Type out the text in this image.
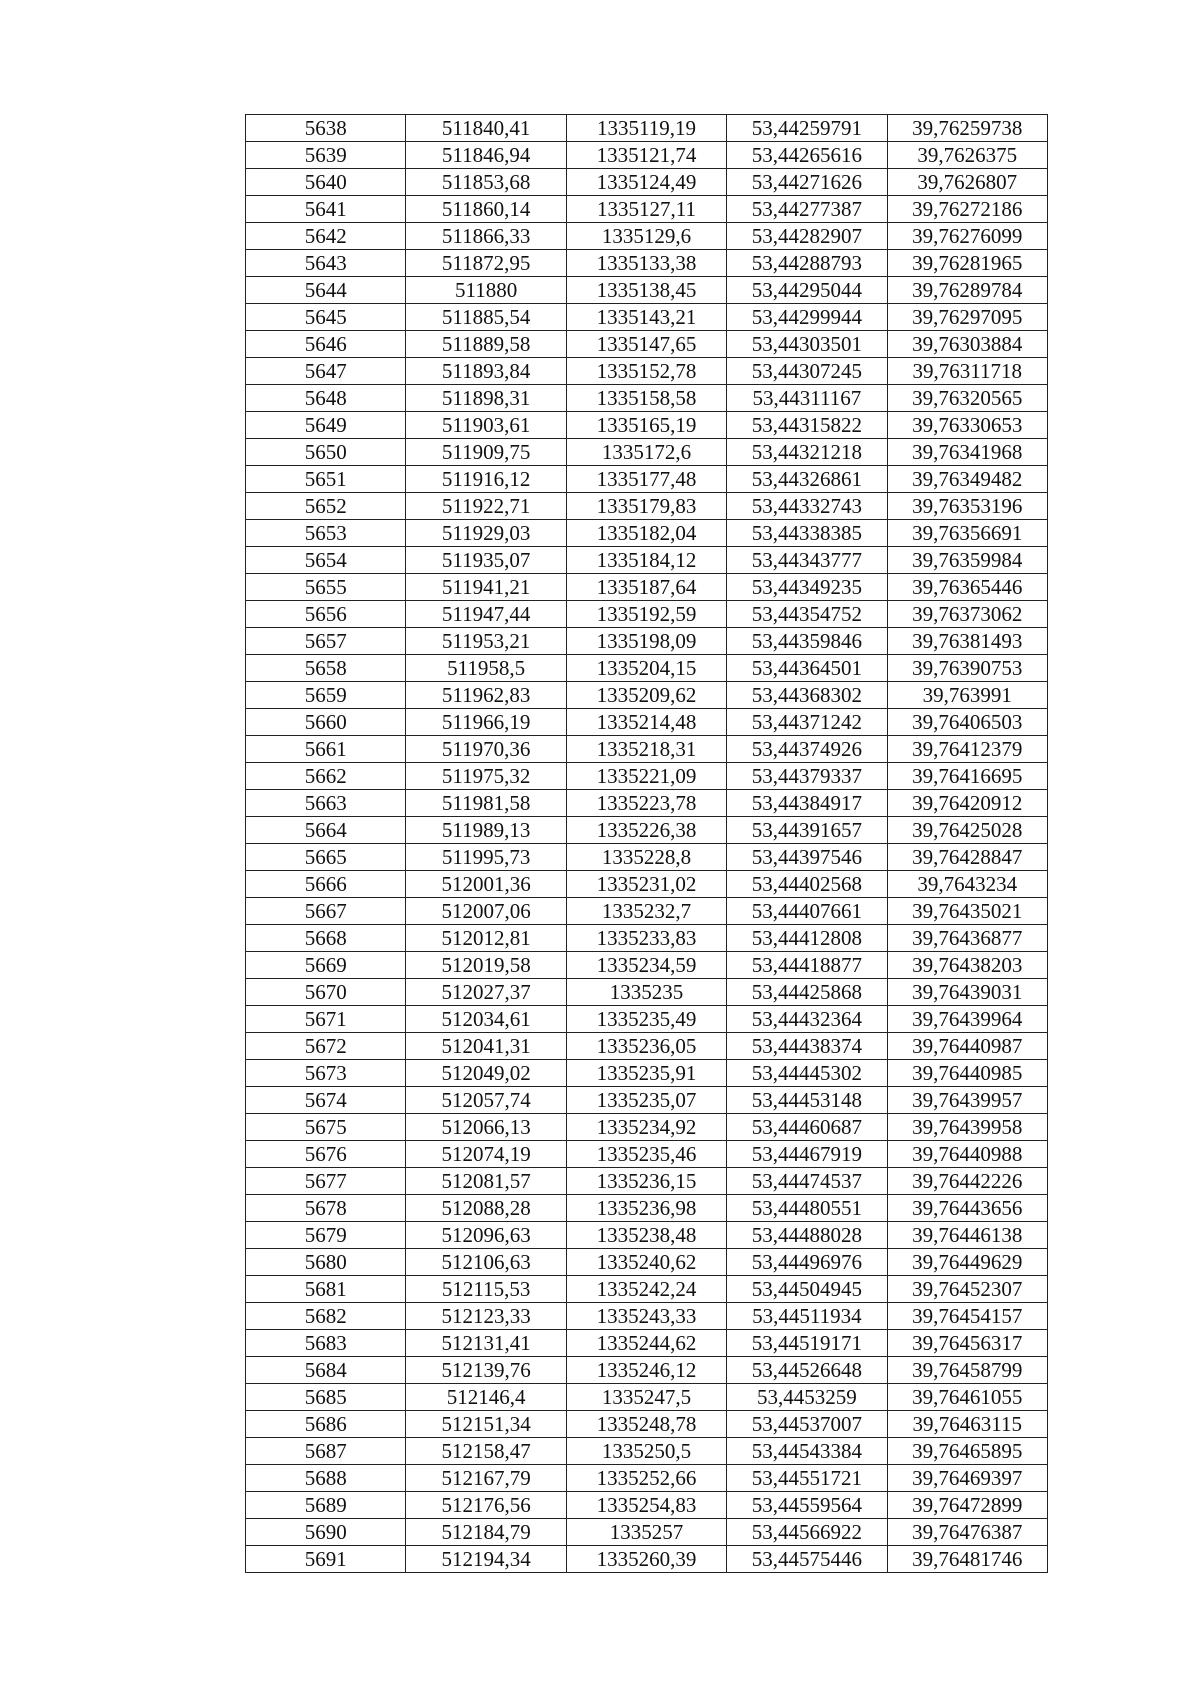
5638	511840,41	1335119,19	53,44259791	39,76259738
5639	511846,94	1335121,74	53,44265616	39,7626375
5640	511853,68	1335124,49	53,44271626	39,7626807
5641	511860,14	1335127,11	53,44277387	39,76272186
5642	511866,33	1335129,6	53,44282907	39,76276099
5643	511872,95	1335133,38	53,44288793	39,76281965
5644	511880	1335138,45	53,44295044	39,76289784
5645	511885,54	1335143,21	53,44299944	39,76297095
5646	511889,58	1335147,65	53,44303501	39,76303884
5647	511893,84	1335152,78	53,44307245	39,76311718
5648	511898,31	1335158,58	53,44311167	39,76320565
5649	511903,61	1335165,19	53,44315822	39,76330653
5650	511909,75	1335172,6	53,44321218	39,76341968
5651	511916,12	1335177,48	53,44326861	39,76349482
5652	511922,71	1335179,83	53,44332743	39,76353196
5653	511929,03	1335182,04	53,44338385	39,76356691
5654	511935,07	1335184,12	53,44343777	39,76359984
5655	511941,21	1335187,64	53,44349235	39,76365446
5656	511947,44	1335192,59	53,44354752	39,76373062
5657	511953,21	1335198,09	53,44359846	39,76381493
5658	511958,5	1335204,15	53,44364501	39,76390753
5659	511962,83	1335209,62	53,44368302	39,763991
5660	511966,19	1335214,48	53,44371242	39,76406503
5661	511970,36	1335218,31	53,44374926	39,76412379
5662	511975,32	1335221,09	53,44379337	39,76416695
5663	511981,58	1335223,78	53,44384917	39,76420912
5664	511989,13	1335226,38	53,44391657	39,76425028
5665	511995,73	1335228,8	53,44397546	39,76428847
5666	512001,36	1335231,02	53,44402568	39,7643234
5667	512007,06	1335232,7	53,44407661	39,76435021
5668	512012,81	1335233,83	53,44412808	39,76436877
5669	512019,58	1335234,59	53,44418877	39,76438203
5670	512027,37	1335235	53,44425868	39,76439031
5671	512034,61	1335235,49	53,44432364	39,76439964
5672	512041,31	1335236,05	53,44438374	39,76440987
5673	512049,02	1335235,91	53,44445302	39,76440985
5674	512057,74	1335235,07	53,44453148	39,76439957
5675	512066,13	1335234,92	53,44460687	39,76439958
5676	512074,19	1335235,46	53,44467919	39,76440988
5677	512081,57	1335236,15	53,44474537	39,76442226
5678	512088,28	1335236,98	53,44480551	39,76443656
5679	512096,63	1335238,48	53,44488028	39,76446138
5680	512106,63	1335240,62	53,44496976	39,76449629
5681	512115,53	1335242,24	53,44504945	39,76452307
5682	512123,33	1335243,33	53,44511934	39,76454157
5683	512131,41	1335244,62	53,44519171	39,76456317
5684	512139,76	1335246,12	53,44526648	39,76458799
5685	512146,4	1335247,5	53,4453259	39,76461055
5686	512151,34	1335248,78	53,44537007	39,76463115
5687	512158,47	1335250,5	53,44543384	39,76465895
5688	512167,79	1335252,66	53,44551721	39,76469397
5689	512176,56	1335254,83	53,44559564	39,76472899
5690	512184,79	1335257	53,44566922	39,76476387
5691	512194,34	1335260,39	53,44575446	39,76481746
